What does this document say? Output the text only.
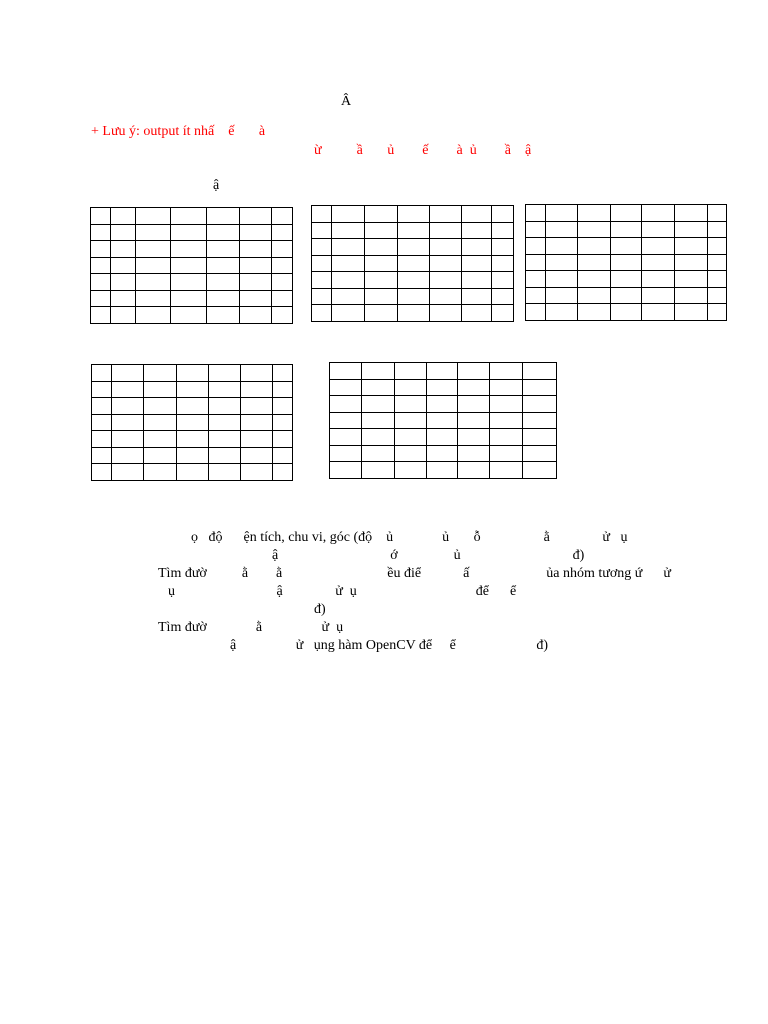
Â
+ Lưu ý: output ít nhấ    ế       à
ừ          ầ       ủ        ế        à  ủ        ầ    ậ
ậ

ọ   độ      ện tích, chu vi, góc (độ    ủ              ủ       ỗ                  ằ               ử   ụ
ậ                                ớ                ủ                                đ)
Tìm đườ          ằ        ằ                              ều điể            ấ                      ủa nhóm tương ứ      ử
ụ                             ậ               ử  ụ                                  để      ể
đ)
Tìm đườ              ằ                 ử  ụ
ậ                 ử   ụng hàm OpenCV để     ể                       đ)
